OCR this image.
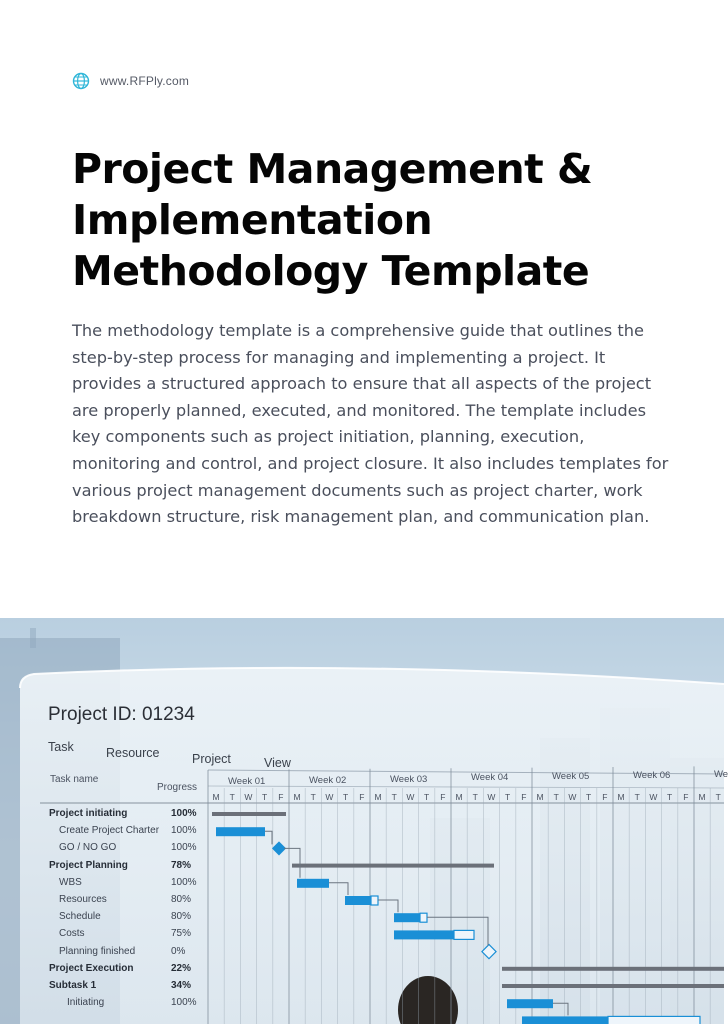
www.RFPly.com
Project Management &
Implementation
Methodology Template

The methodology template is a comprehensive guide that outlines the step-by-step process for managing and implementing a project. It provides a structured approach to ensure that all aspects of the project are properly planned, executed, and monitored. The template includes key components such as project initiation, planning, execution, monitoring and control, and project closure. It also includes templates for various project management documents such as project charter, work breakdown structure, risk management plan, and communication plan.

Project ID: 01234
Task	Resource	Project	View
Task name
Progress
Project initiating	100%
Create Project Charter 100%
GO / NO GO	100%
Project Planning	78%
WBS	100%
Resources	80%
Schedule	80%
Costs	75%
Planning finished	0%
Project Execution	22%
Subtask 1	34%
Initiating	100%
Week 01
M	T	W	T	F
Week 02
M	T	W	T	F
Week 03
M	T	W	T	F
Week 04
M	T	W	T	F
Week 05
M	T	W	T	F
Week 06
M	T	W	T	F
We
M	T
